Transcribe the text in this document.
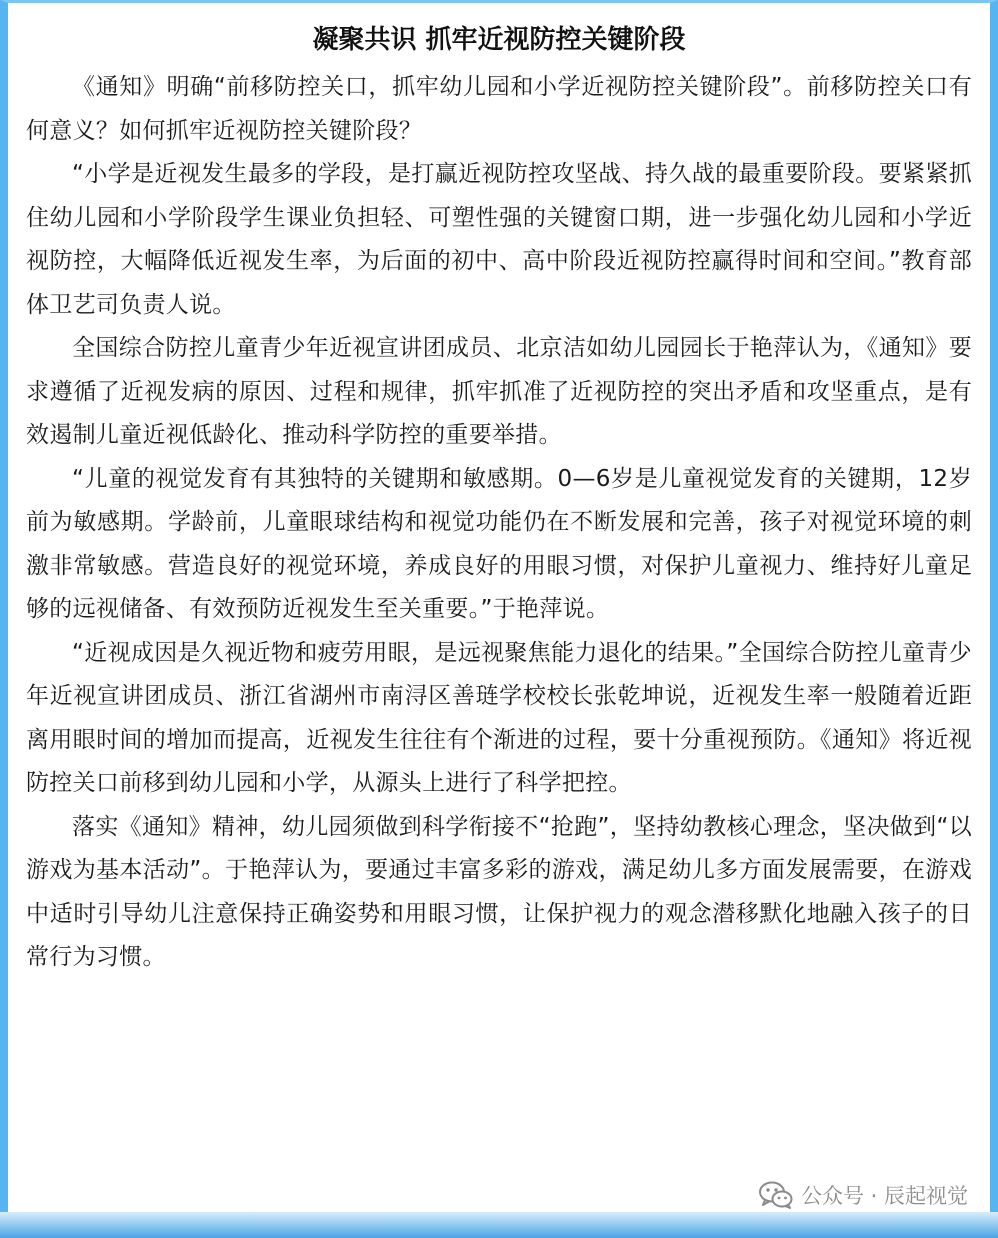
凝聚共识 抓牢近视防控关键阶段

《通知》明确“前移防控关口，抓牢幼儿园和小学近视防控关键阶段”。前移防控关口有何意义？如何抓牢近视防控关键阶段？

“小学是近视发生最多的学段，是打赢近视防控攻坚战、持久战的最重要阶段。要紧紧抓住幼儿园和小学阶段学生课业负担轻、可塑性强的关键窗口期，进一步强化幼儿园和小学近视防控，大幅降低近视发生率，为后面的初中、高中阶段近视防控赢得时间和空间。”教育部体卫艺司负责人说。

全国综合防控儿童青少年近视宣讲团成员、北京洁如幼儿园园长于艳萍认为，《通知》要求遵循了近视发病的原因、过程和规律，抓牢抓准了近视防控的突出矛盾和攻坚重点，是有效遏制儿童近视低龄化、推动科学防控的重要举措。

“儿童的视觉发育有其独特的关键期和敏感期。0—6岁是儿童视觉发育的关键期，12岁前为敏感期。学龄前，儿童眼球结构和视觉功能仍在不断发展和完善，孩子对视觉环境的刺激非常敏感。营造良好的视觉环境，养成良好的用眼习惯，对保护儿童视力、维持好儿童足够的远视储备、有效预防近视发生至关重要。”于艳萍说。

“近视成因是久视近物和疲劳用眼，是远视聚焦能力退化的结果。”全国综合防控儿童青少年近视宣讲团成员、浙江省湖州市南浔区善琏学校校长张乾坤说，近视发生率一般随着近距离用眼时间的增加而提高，近视发生往往有个渐进的过程，要十分重视预防。《通知》将近视防控关口前移到幼儿园和小学，从源头上进行了科学把控。

落实《通知》精神，幼儿园须做到科学衔接不“抢跑”，坚持幼教核心理念，坚决做到“以游戏为基本活动”。于艳萍认为，要通过丰富多彩的游戏，满足幼儿多方面发展需要，在游戏中适时引导幼儿注意保持正确姿势和用眼习惯，让保护视力的观念潜移默化地融入孩子的日常行为习惯。

公众号 · 辰起视觉
